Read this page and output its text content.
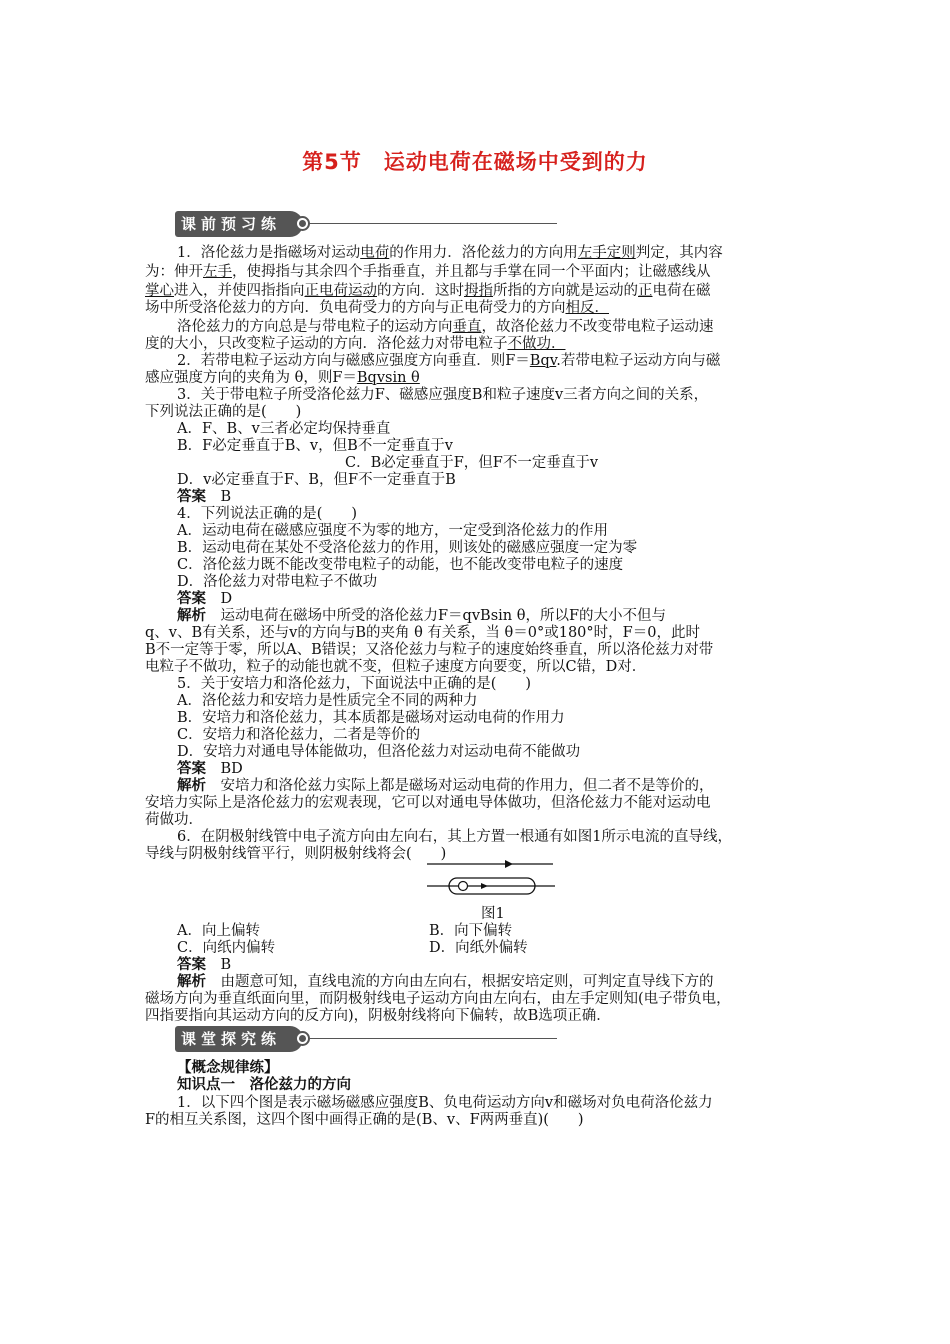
第5节　运动电荷在磁场中受到的力
课前预习练
1．洛伦兹力是指磁场对运动电荷的作用力．洛伦兹力的方向用左手定则判定，其内容
为：伸开左手，使拇指与其余四个手指垂直，并且都与手掌在同一个平面内；让磁感线从
掌心进入，并使四指指向正电荷运动的方向．这时拇指所指的方向就是运动的正电荷在磁
场中所受洛伦兹力的方向．负电荷受力的方向与正电荷受力的方向相反．
洛伦兹力的方向总是与带电粒子的运动方向垂直，故洛伦兹力不改变带电粒子运动速
度的大小，只改变粒子运动的方向．洛伦兹力对带电粒子不做功．
2．若带电粒子运动方向与磁感应强度方向垂直．则F＝Bqv.若带电粒子运动方向与磁
感应强度方向的夹角为 θ，则F＝Bqvsin θ
3．关于带电粒子所受洛伦兹力F、磁感应强度B和粒子速度v三者方向之间的关系，
下列说法正确的是(　　)
A．F、B、v三者必定均保持垂直
B．F必定垂直于B、v，但B不一定垂直于v
C．B必定垂直于F，但F不一定垂直于v
D．v必定垂直于F、B，但F不一定垂直于B
答案　 B
4．下列说法正确的是(　　)
A．运动电荷在磁感应强度不为零的地方，一定受到洛伦兹力的作用
B．运动电荷在某处不受洛伦兹力的作用，则该处的磁感应强度一定为零
C．洛伦兹力既不能改变带电粒子的动能，也不能改变带电粒子的速度
D．洛伦兹力对带电粒子不做功
答案　 D
解析　 运动电荷在磁场中所受的洛伦兹力F＝qvBsin θ，所以F的大小不但与
q、v、B有关系，还与v的方向与B的夹角 θ 有关系，当 θ＝0°或180°时，F＝0，此时
B不一定等于零，所以A、B错误；又洛伦兹力与粒子的速度始终垂直，所以洛伦兹力对带
电粒子不做功，粒子的动能也就不变，但粒子速度方向要变，所以C错，D对．
5．关于安培力和洛伦兹力，下面说法中正确的是(　　)
A．洛伦兹力和安培力是性质完全不同的两种力
B．安培力和洛伦兹力，其本质都是磁场对运动电荷的作用力
C．安培力和洛伦兹力，二者是等价的
D．安培力对通电导体能做功，但洛伦兹力对运动电荷不能做功
答案　 BD
解析　 安培力和洛伦兹力实际上都是磁场对运动电荷的作用力，但二者不是等价的，
安培力实际上是洛伦兹力的宏观表现，它可以对通电导体做功，但洛伦兹力不能对运动电
荷做功．
6．在阴极射线管中电子流方向由左向右，其上方置一根通有如图1所示电流的直导线，
导线与阴极射线管平行，则阴极射线将会(　　)
图1
A．向上偏转	B．向下偏转
C．向纸内偏转	D．向纸外偏转
答案　 B
解析　 由题意可知，直线电流的方向由左向右，根据安培定则，可判定直导线下方的
磁场方向为垂直纸面向里，而阴极射线电子运动方向由左向右，由左手定则知(电子带负电，
四指要指向其运动方向的反方向)，阴极射线将向下偏转，故B选项正确．
课堂探究练
【概念规律练】
知识点一　洛伦兹力的方向
1．以下四个图是表示磁场磁感应强度B、负电荷运动方向v和磁场对负电荷洛伦兹力
F的相互关系图，这四个图中画得正确的是(B、v、F两两垂直)(　　)
